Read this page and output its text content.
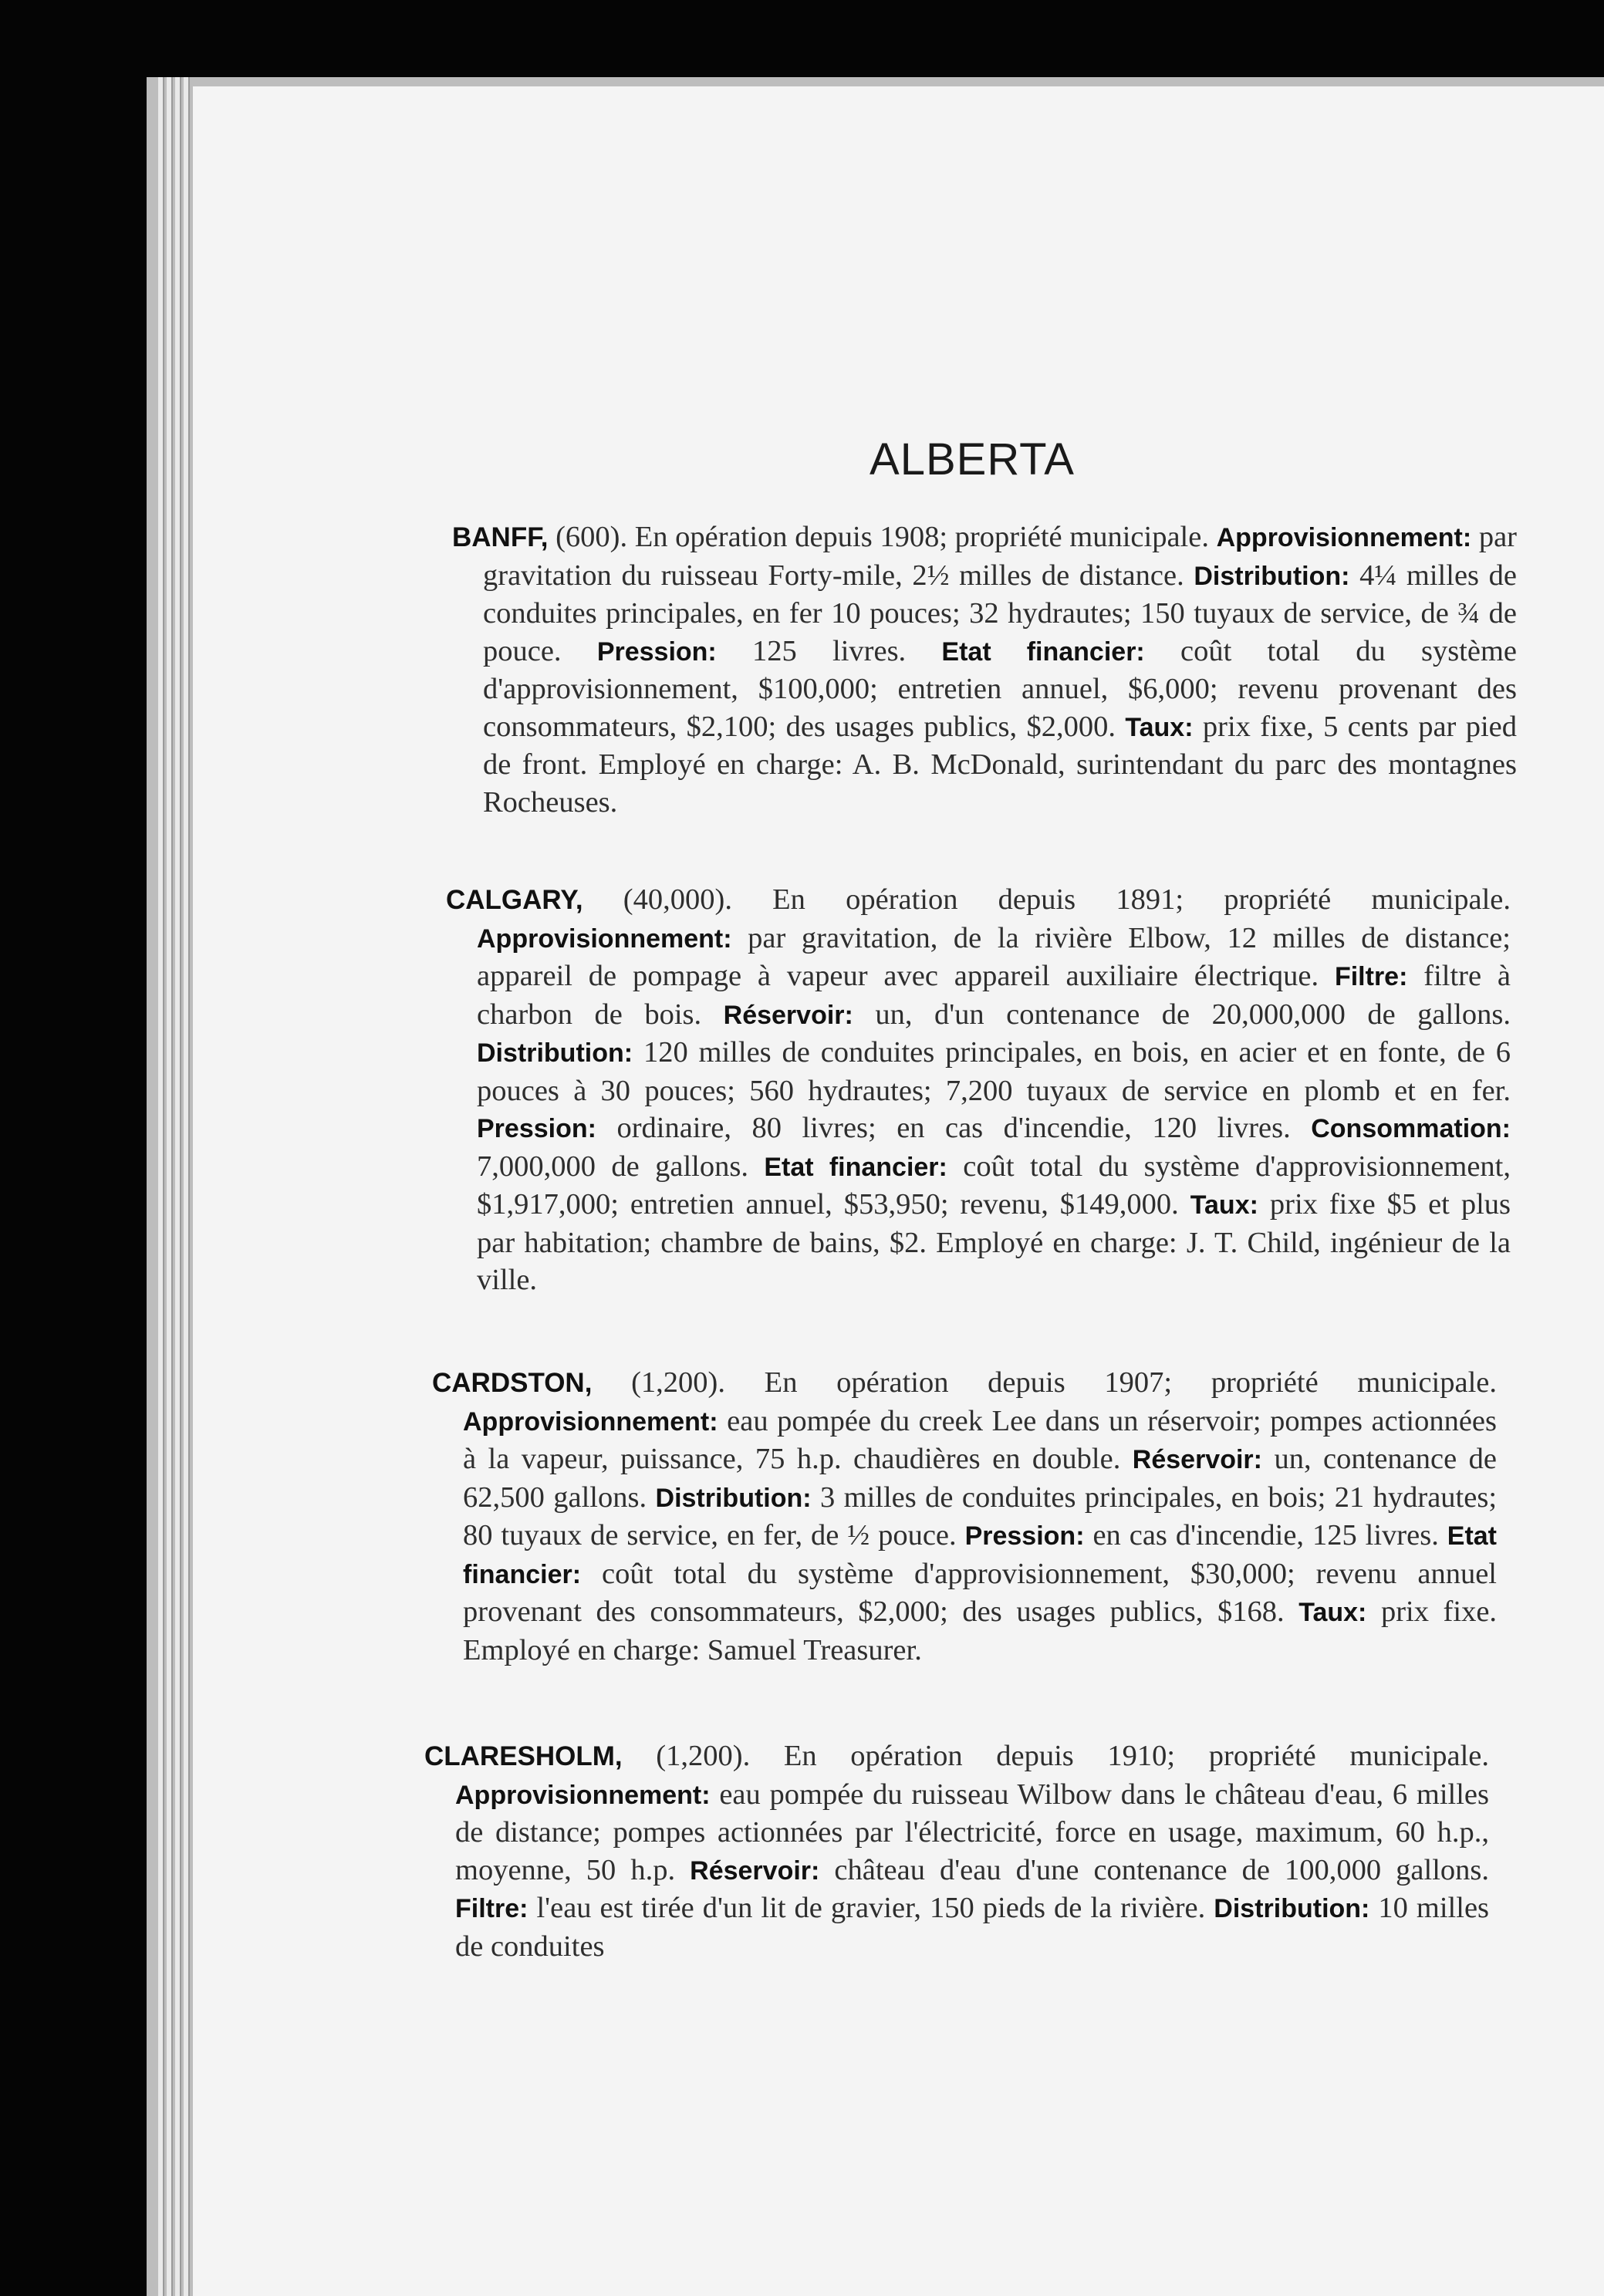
ALBERTA

BANFF, (600). En opération depuis 1908; propriété municipale. Approvisionnement: par gravitation du ruisseau Forty-mile, 2½ milles de distance. Distribution: 4¼ milles de conduites principales, en fer 10 pouces; 32 hydrautes; 150 tuyaux de service, de ¾ de pouce. Pression: 125 livres. Etat financier: coût total du système d'approvisionnement, $100,000; entretien annuel, $6,000; revenu provenant des consommateurs, $2,100; des usages publics, $2,000. Taux: prix fixe, 5 cents par pied de front. Employé en charge: A. B. McDonald, surintendant du parc des montagnes Rocheuses.

CALGARY, (40,000). En opération depuis 1891; propriété municipale. Approvisionnement: par gravitation, de la rivière Elbow, 12 milles de distance; appareil de pompage à vapeur avec appareil auxiliaire électrique. Filtre: filtre à charbon de bois. Réservoir: un, d'un contenance de 20,000,000 de gallons. Distribution: 120 milles de conduites principales, en bois, en acier et en fonte, de 6 pouces à 30 pouces; 560 hydrautes; 7,200 tuyaux de service en plomb et en fer. Pression: ordinaire, 80 livres; en cas d'incendie, 120 livres. Consommation: 7,000,000 de gallons. Etat financier: coût total du système d'approvisionnement, $1,917,000; entretien annuel, $53,950; revenu, $149,000. Taux: prix fixe $5 et plus par habitation; chambre de bains, $2. Employé en charge: J. T. Child, ingénieur de la ville.

CARDSTON, (1,200). En opération depuis 1907; propriété municipale. Approvisionnement: eau pompée du creek Lee dans un réservoir; pompes actionnées à la vapeur, puissance, 75 h.p. chaudières en double. Réservoir: un, contenance de 62,500 gallons. Distribution: 3 milles de conduites principales, en bois; 21 hydrautes; 80 tuyaux de service, en fer, de ½ pouce. Pression: en cas d'incendie, 125 livres. Etat financier: coût total du système d'approvisionnement, $30,000; revenu annuel provenant des consommateurs, $2,000; des usages publics, $168. Taux: prix fixe. Employé en charge: Samuel Treasurer.

CLARESHOLM, (1,200). En opération depuis 1910; propriété municipale. Approvisionnement: eau pompée du ruisseau Wilbow dans le château d'eau, 6 milles de distance; pompes actionnées par l'électricité, force en usage, maximum, 60 h.p., moyenne, 50 h.p. Réservoir: château d'eau d'une contenance de 100,000 gallons. Filtre: l'eau est tirée d'un lit de gravier, 150 pieds de la rivière. Distribution: 10 milles de conduites
